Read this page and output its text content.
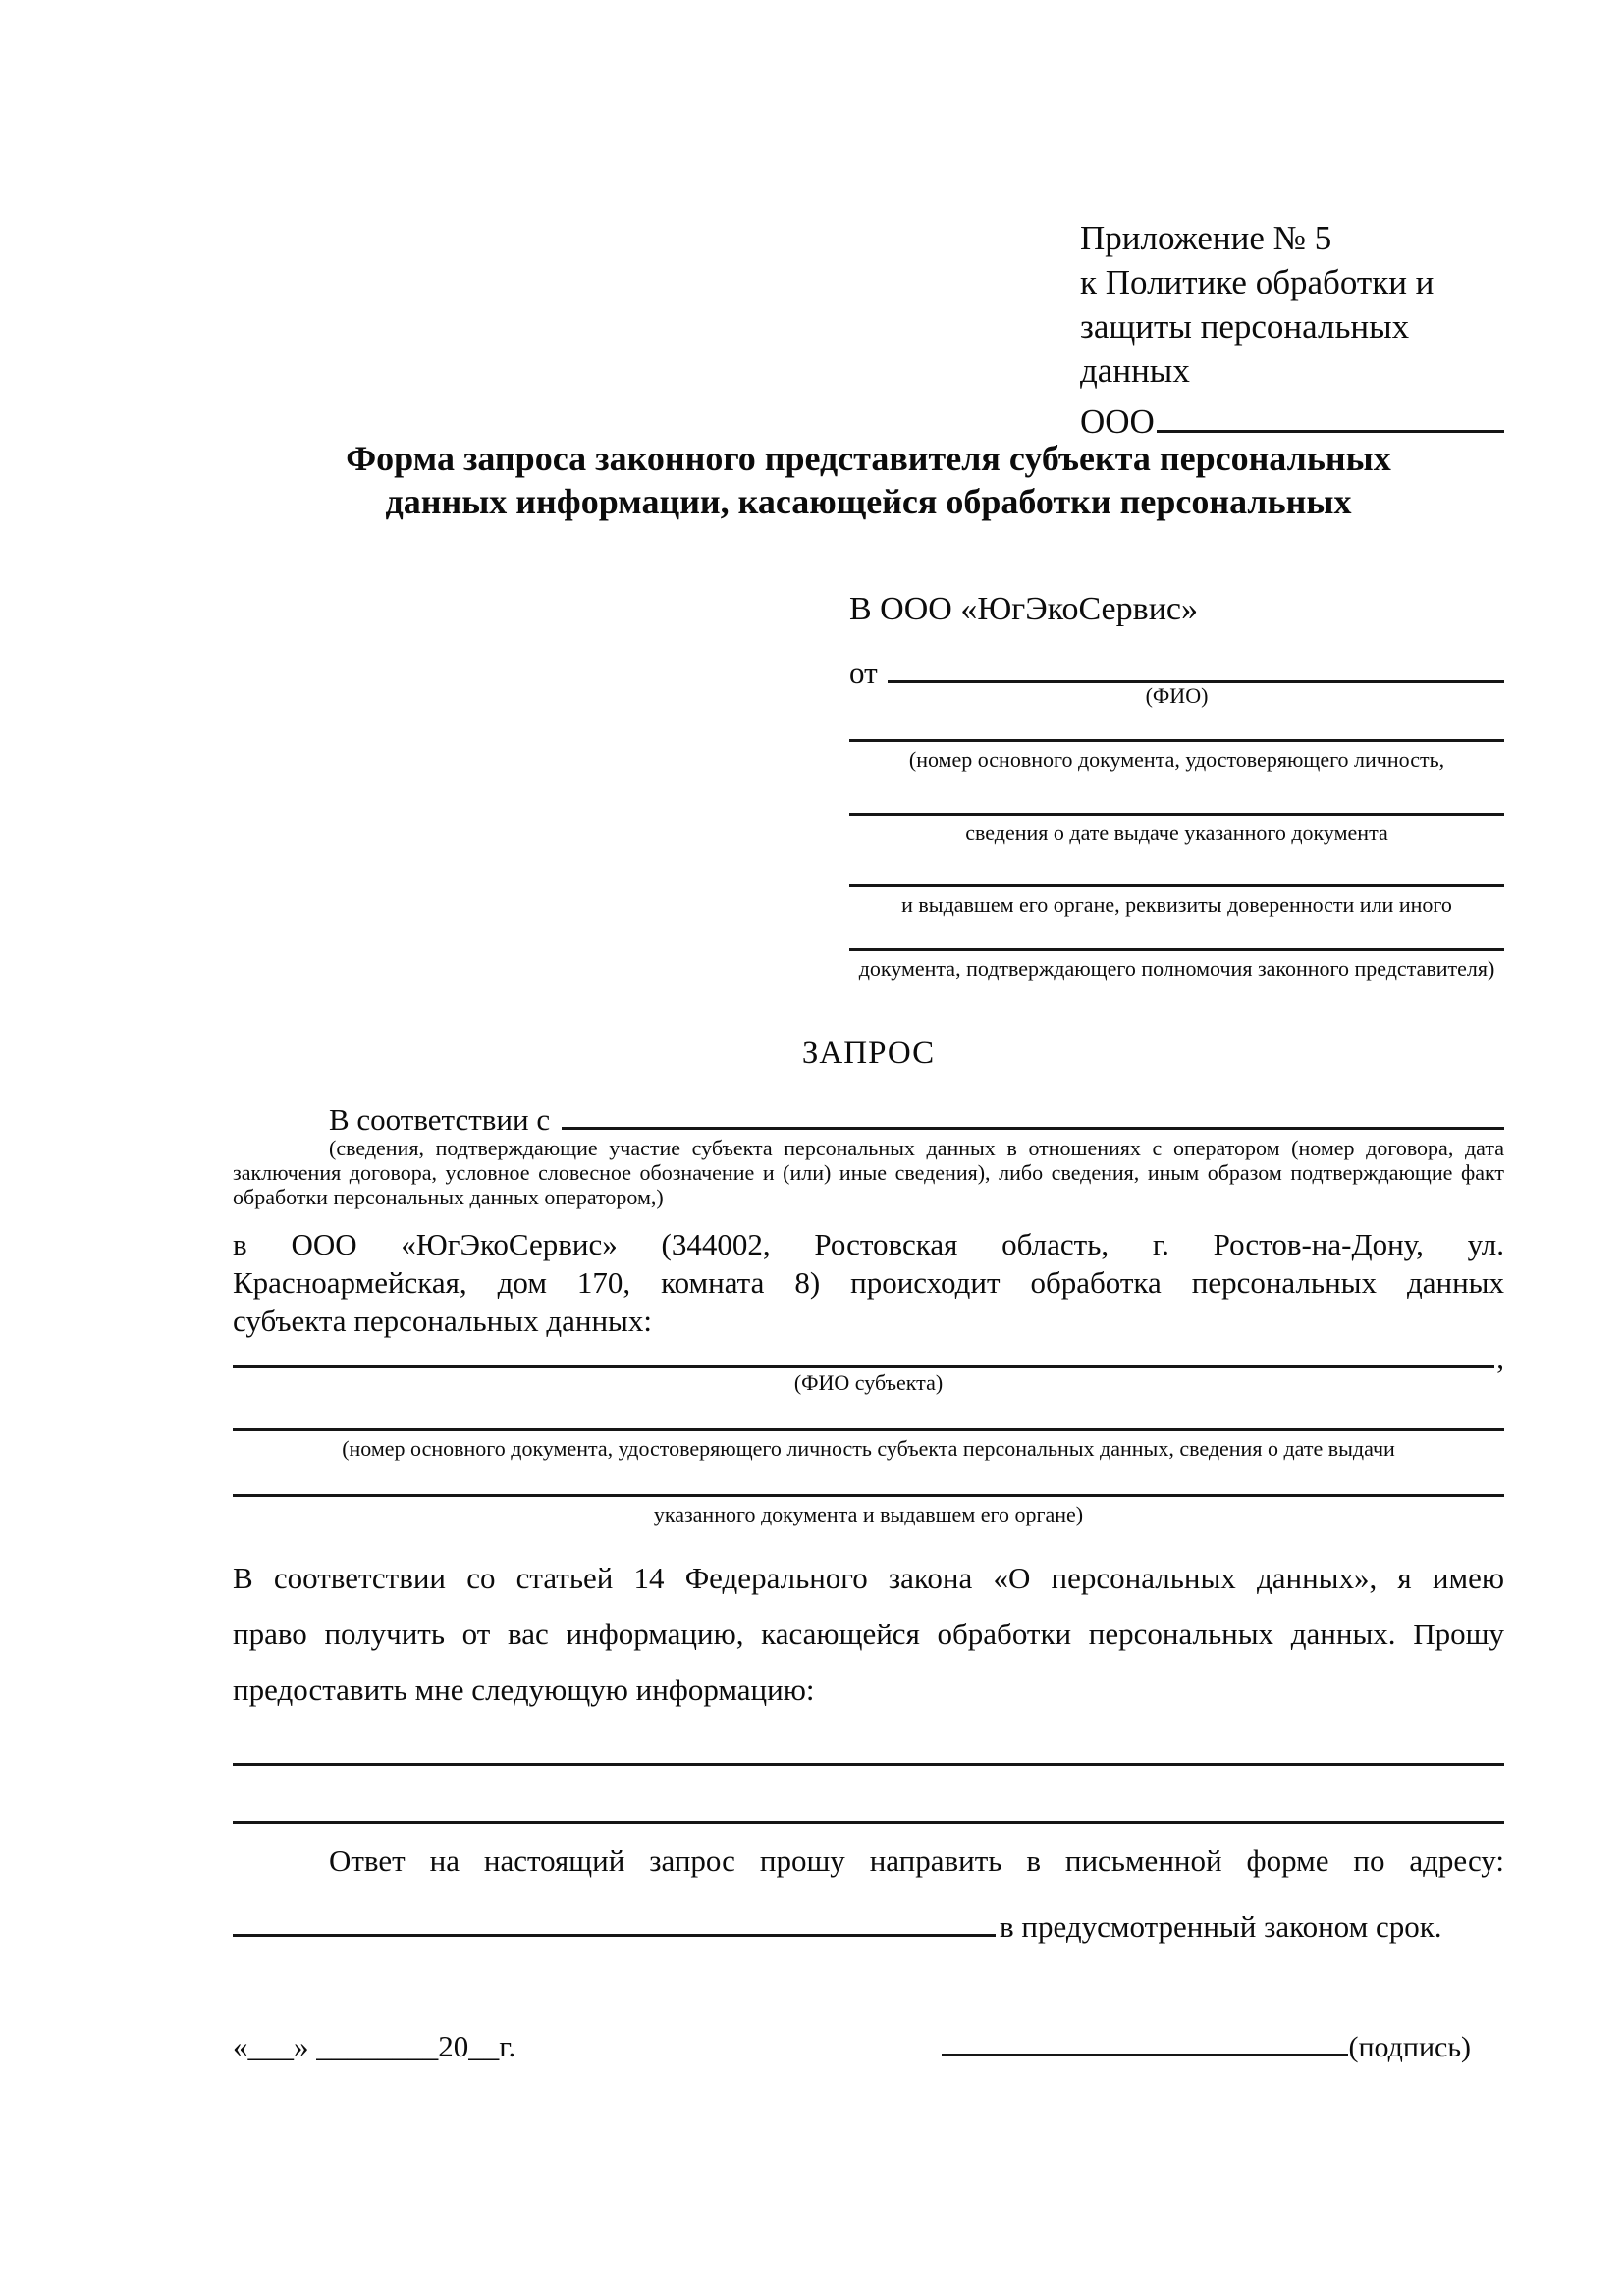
Приложение № 5
к Политике обработки и
защиты персональных данных
ООО
Форма запроса законного представителя субъекта персональных
данных информации, касающейся обработки персональных
В ООО «ЮгЭкоСервис»
от
(ФИО)
(номер основного документа, удостоверяющего личность,
сведения о дате выдаче указанного документа
и выдавшем его органе, реквизиты доверенности или иного
документа, подтверждающего полномочия законного представителя)
ЗАПРОС
В соответствии с
(сведения, подтверждающие участие субъекта персональных данных в отношениях с оператором (номер договора, дата
заключения договора, условное словесное обозначение и (или) иные сведения), либо сведения, иным образом подтверждающие факт
обработки персональных данных оператором,)
в ООО «ЮгЭкоСервис» (344002, Ростовская область, г. Ростов-на-Дону, ул.
Красноармейская, дом 170, комната 8) происходит обработка персональных данных
субъекта персональных данных:
,
(ФИО субъекта)
(номер основного документа, удостоверяющего личность субъекта персональных данных, сведения о дате выдачи
указанного документа и выдавшем его органе)
В соответствии со статьей 14 Федерального закона «О персональных данных», я имею
право получить от вас информацию, касающейся обработки персональных данных. Прошу
предоставить мне следующую информацию:
Ответ на настоящий запрос прошу направить в письменной форме по адресу:
в предусмотренный законом срок.
«___» ________20__г.	(подпись)
